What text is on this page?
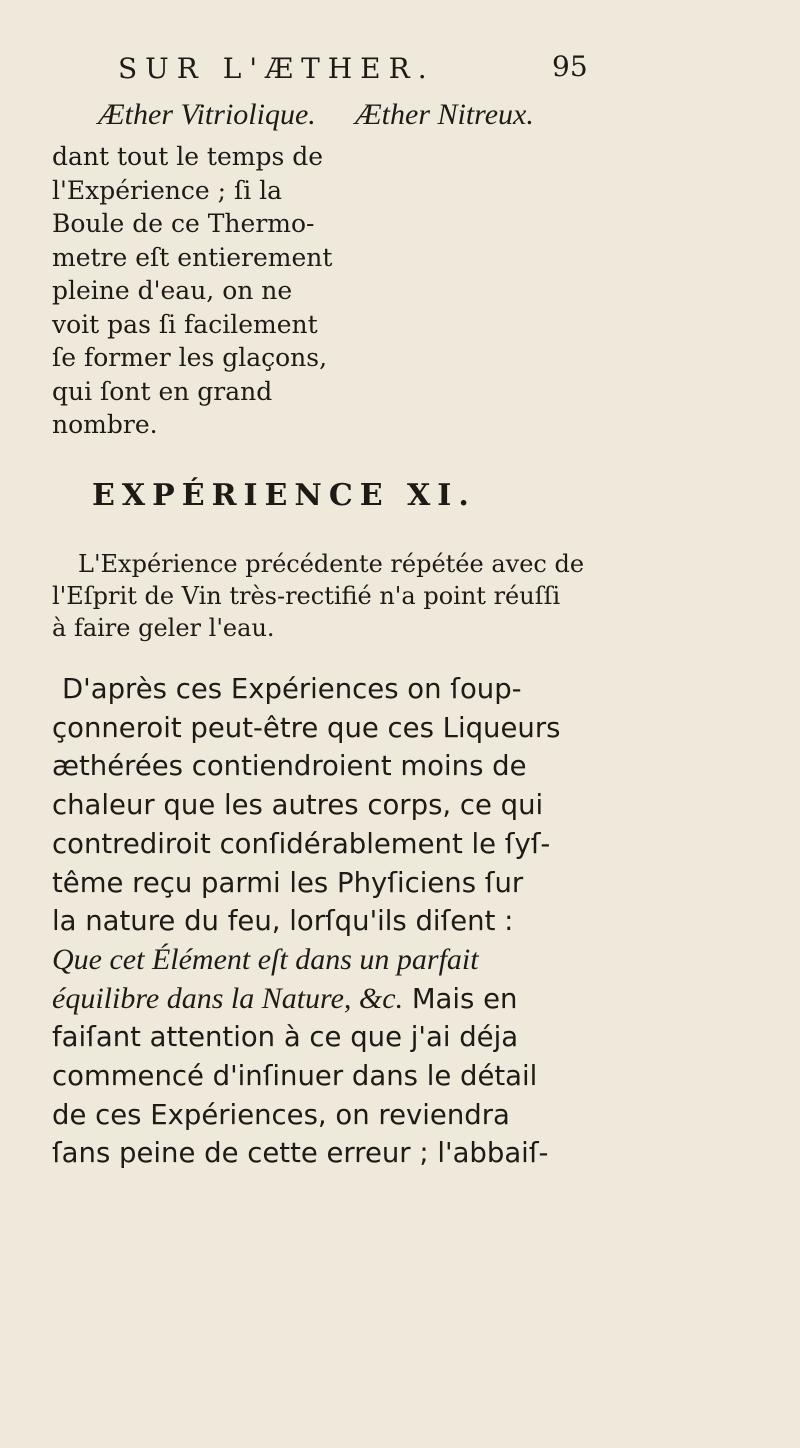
SUR L'ÆTHER.	95
Æther Vitriolique. Æther Nitreux.
dant tout le temps de
l'Expérience ; ſi la
Boule de ce Thermo-
metre eſt entierement
pleine d'eau, on ne
voit pas ſi facilement
ſe former les glaçons,
qui ſont en grand
nombre.
EXPÉRIENCE XI.
L'Expérience précédente répétée avec de
l'Eſprit de Vin très-rectifié n'a point réuſſi
à faire geler l'eau.
D'après ces Expériences on ſoup-
çonneroit peut-être que ces Liqueurs
æthérées contiendroient moins de
chaleur que les autres corps, ce qui
contrediroit conſidérablement le ſyſ-
tême reçu parmi les Phyſiciens ſur
la nature du feu, lorſqu'ils diſent :
Que cet Élément eſt dans un parfait
équilibre dans la Nature, &c. Mais en
faiſant attention à ce que j'ai déja
commencé d'inſinuer dans le détail
de ces Expériences, on reviendra
ſans peine de cette erreur ; l'abbaiſ-
